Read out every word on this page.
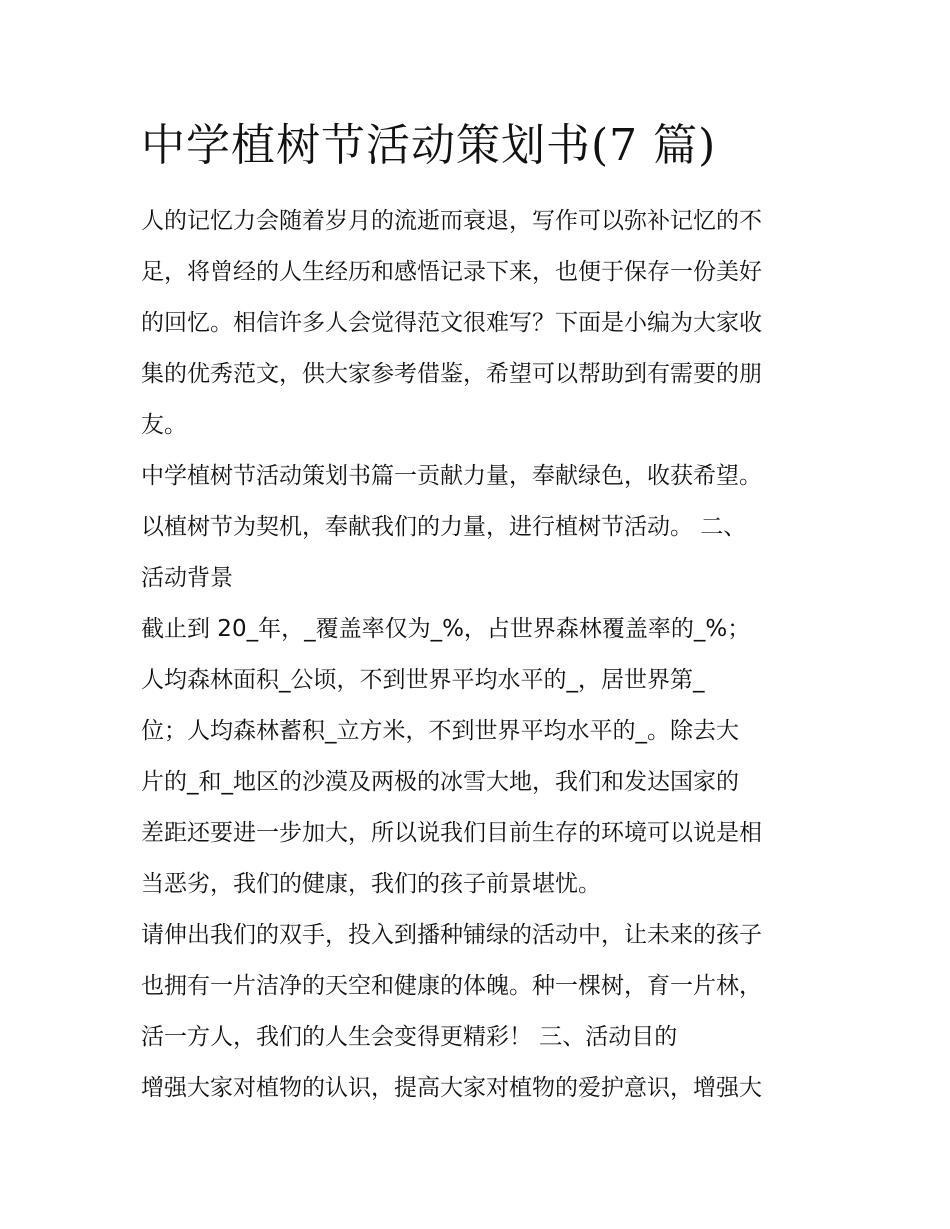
中学植树节活动策划书(7 篇)
人的记忆力会随着岁月的流逝而衰退，写作可以弥补记忆的不
足，将曾经的人生经历和感悟记录下来，也便于保存一份美好
的回忆。相信许多人会觉得范文很难写？下面是小编为大家收
集的优秀范文，供大家参考借鉴，希望可以帮助到有需要的朋
友。
中学植树节活动策划书篇一贡献力量，奉献绿色，收获希望。
以植树节为契机，奉献我们的力量，进行植树节活动。 二、
活动背景
截止到 20_年，_覆盖率仅为_%，占世界森林覆盖率的_%；
人均森林面积_公顷，不到世界平均水平的_，居世界第_
位；人均森林蓄积_立方米，不到世界平均水平的_。除去大
片的_和_地区的沙漠及两极的冰雪大地，我们和发达国家的
差距还要进一步加大，所以说我们目前生存的环境可以说是相
当恶劣，我们的健康，我们的孩子前景堪忧。
请伸出我们的双手，投入到播种铺绿的活动中，让未来的孩子
也拥有一片洁净的天空和健康的体魄。种一棵树，育一片林，
活一方人，我们的人生会变得更精彩！ 三、活动目的
增强大家对植物的认识，提高大家对植物的爱护意识，增强大
